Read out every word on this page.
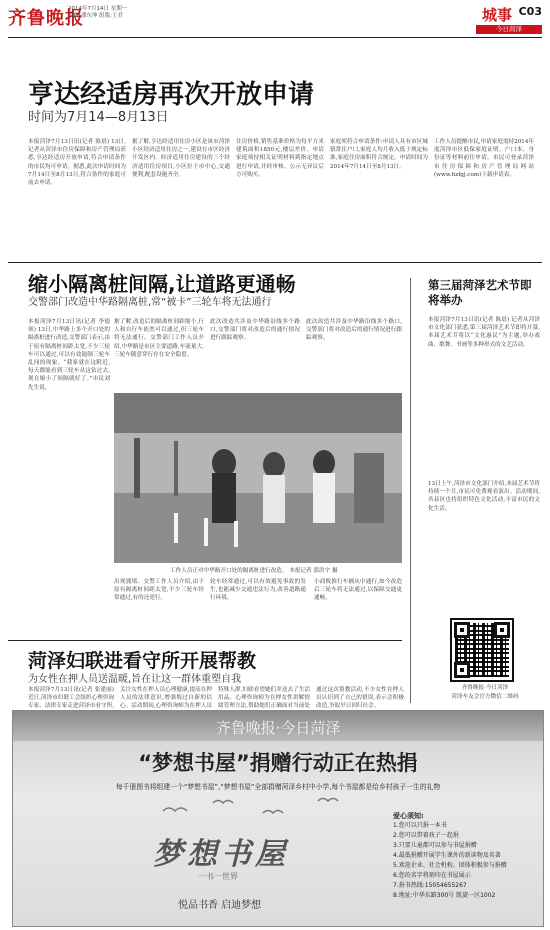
齐鲁晚报
2014年7月14日 星期一
编辑:潘东坤 组版:王君	城事 C03
今日菏泽
亨达经适房再次开放申请
时间为7月14—8月13日
本报菏泽7月13日讯(记者 陈晨) 13日,记者从菏泽市住房保障和房产管理局获悉,亨达经适房开放申请,符合申请条件的市民均可申请。据悉,此次申请时间为7月14日至8月13日,符合条件的家庭可前去申请。
据了解,亨达经适用住房小区是该市菏泽小区经济适用住房之一,建设在市区经济开发区内。经济适用住房建设的三个经济适用住房项目,小区位于市中心,交通便利,配套设施齐全。
住房价格,销售基准价格为每平方米建筑面积1850元,楼层差价。申请家庭须持相关证明材料到指定地点进行申请,并经审核、公示无异议后方可购买。
家庭须符合申请条件:申请人具有市区城镇常住户口,家庭人均月收入低于规定标准,家庭住房面积符合规定。申请时间为2014年7月14日至8月13日。
工作人员提醒市民,申请家庭需持2014年度菏泽市区低保家庭证明、户口本、身份证等材料前往申请。市民可登录菏泽市住房保障和房产管理局网站(www.hzfgj.com)下载申请表。
缩小隔离桩间隔,让道路更通畅
交警部门改造中华路隔离桩,常“被卡”三轮车将无法通行
本报菏泽7月13日讯(记者 李德领) 13日,中华路上多个开口处的隔离桩进行改造,交警部门表示,由于原有隔离桩间距太宽,不少三轮车可以通过,可以有效遏制三轮车乱闯的现象。“我家就在这附近,每天都能看到三轮车从这钻过去,现在缩小了间隔就好了。”市民刘先生说。
据了解,改造后的隔离桩间距缩小,行人和自行车依然可以通过,但三轮车将无法通行。交警部门工作人员介绍,中华路是市区主要道路,车流量大,三轮车随意穿行存在安全隐患。
此次改造共涉及中华路沿线多个路口,交警部门将对改造后的通行情况进行跟踪观察。
此次改造共涉及中华路沿线多个路口,交警部门将对改造后的通行情况进行跟踪观察。
工作人员正对中华路开口处的隔离桩进行改造。 本报记者 郭洪宇 摄
出现拥堵。交警工作人员介绍,由于原有隔离桩间距太宽,不少三轮车经常通过,有的还逆行。
轮车经常通过,可以有效避免事故的发生,也能减少交通违法行为,改善道路通行环境。
小商贩推行车辆从中通行,如今改造后三轮车将无法通过,以保障交通更通畅。
第三届菏泽艺术节即将举办
本报菏泽7月13日讯(记者 陈晨) 记者从菏泽市文化部门获悉,第三届菏泽艺术节即将开幕,本届艺术节将以“文化惠民”为主题,举办戏曲、歌舞、书画等多种形式的文艺活动。
13日上午,菏泽市文化部门介绍,本届艺术节将持续一个月,市民可免费观看演出。活动期间,各县区也将组织特色文化活动,丰富市民的文化生活。
齐鲁晚报·今日菏泽
菏泽车友会官方微信二维码
菏泽妇联进看守所开展帮教
为女性在押人员送温暖,旨在让这一群体重塑自我
本报菏泽7月13日讯(记者 张建丽) 近日,菏泽市妇联工会组织心理咨询专家、法律专家走进菏泽市看守所,
关注女性在押人员心理健康,提高在押人员的法律意识,增强悔过自新的信心。活动期间,心理咨询师为在押人员
特殊人群,妇联看望她们并送去了生活用品。心理咨询师为在押女性讲解情绪管理方法,帮助她们正确面对当前处
通过这次帮教活动,不少女性在押人员认识到了自己的错误,表示会积极改造,争取早日回归社会。
齐鲁晚报·今日菏泽
“梦想书屋”捐赠行动正在热捐
每千册图书将组建一个“梦想书屋”,“梦想书屋”全部捐赠菏泽乡村中小学,每个书屋都是给乡村孩子一生的礼物
梦想书屋
一书一世界
悦品书香 启迪梦想
爱心须知:
1.您可以只捐一本书
2.您可以带着孩子一起捐
3.只要儿童都可以参与书屋捐赠
4.最低捐赠开展学生课外的新读物及名著
5.欢迎企业、社会机构、团体积极参与捐赠
6.您的名字将刻印在书屋展示
7.捐书热线:15054655267
8.地址:中华东路300号 凯旋一区1002
